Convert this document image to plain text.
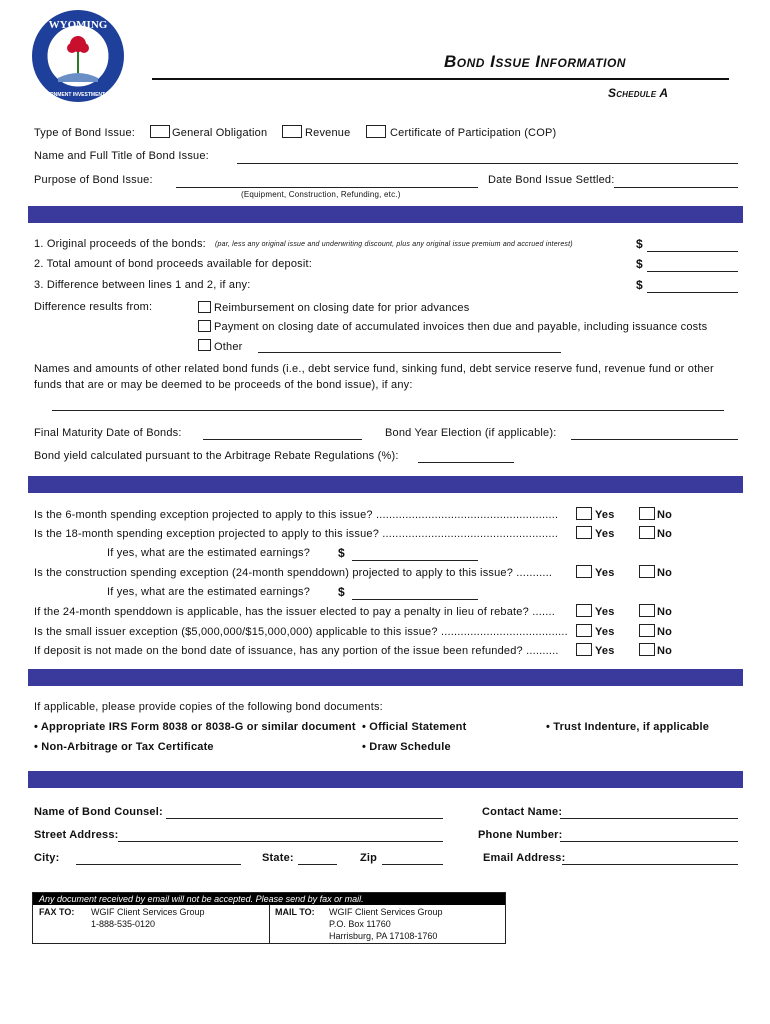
WYOMING
GOVERNMENT INVESTMENT FUND
Bond Issue Information
Schedule A
Type of Bond Issue:	General Obligation	Revenue	Certificate of Participation (COP)
Name and Full Title of Bond Issue:
Purpose of Bond Issue:
(Equipment, Construction, Refunding, etc.)
Date Bond Issue Settled:
1. Original proceeds of the bonds: (par, less any original issue and underwriting discount, plus any original issue premium and accrued interest)	$
2. Total amount of bond proceeds available for deposit:	$
3. Difference between lines 1 and 2, if any:	$
Difference results from:	Reimbursement on closing date for prior advances
Payment on closing date of accumulated invoices then due and payable, including issuance costs
Other
Names and amounts of other related bond funds (i.e., debt service fund, sinking fund, debt service reserve fund, revenue fund or other
funds that are or may be deemed to be proceeds of the bond issue), if any:
Final Maturity Date of Bonds:	Bond Year Election (if applicable):
Bond yield calculated pursuant to the Arbitrage Rebate Regulations (%):
Is the 6-month spending exception projected to apply to this issue? ........................................................	Yes	No
Is the 18-month spending exception projected to apply to this issue? ......................................................	Yes	No
If yes, what are the estimated earnings? $
Is the construction spending exception (24-month spenddown) projected to apply to this issue? ...........	Yes	No
If yes, what are the estimated earnings? $
If the 24-month spenddown is applicable, has the issuer elected to pay a penalty in lieu of rebate? .......	Yes	No
Is the small issuer exception ($5,000,000/$15,000,000) applicable to this issue? ....................................... Yes	No
If deposit is not made on the bond date of issuance, has any portion of the issue been refunded? ..........	Yes	No
If applicable, please provide copies of the following bond documents:
• Appropriate IRS Form 8038 or 8038-G or similar document • Official Statement	• Trust Indenture, if applicable
• Non-Arbitrage or Tax Certificate	• Draw Schedule
Name of Bond Counsel:	Contact Name:
Street Address:	Phone Number:
City:	State:	Zip	Email Address:
Any document received by email will not be accepted. Please send by fax or mail.
FAX TO: WGIF Client Services Group
1-888-535-0120
MAIL TO: WGIF Client Services Group
P.O. Box 11760
Harrisburg, PA 17108-1760
